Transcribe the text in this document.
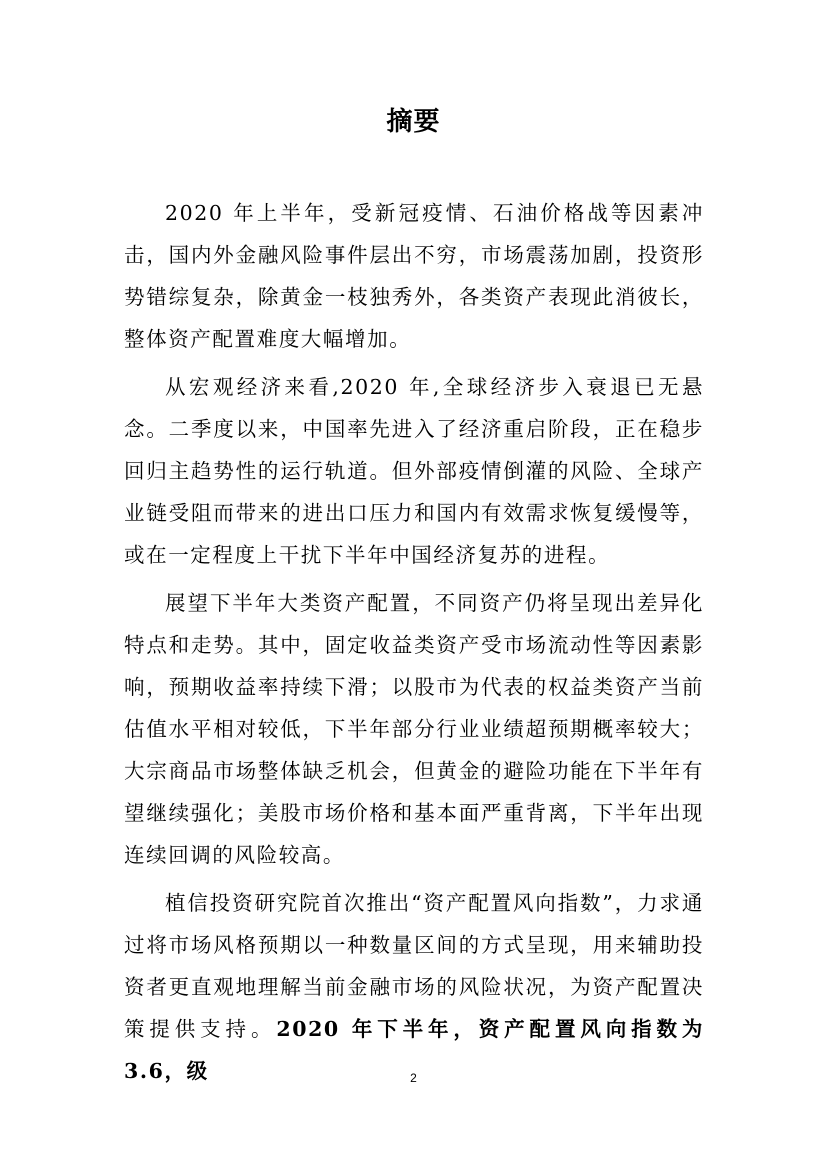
摘要

2020 年上半年，受新冠疫情、石油价格战等因素冲击，国内外金融风险事件层出不穷，市场震荡加剧，投资形势错综复杂，除黄金一枝独秀外，各类资产表现此消彼长，整体资产配置难度大幅增加。

从宏观经济来看,2020 年,全球经济步入衰退已无悬念。二季度以来，中国率先进入了经济重启阶段，正在稳步回归主趋势性的运行轨道。但外部疫情倒灌的风险、全球产业链受阻而带来的进出口压力和国内有效需求恢复缓慢等，或在一定程度上干扰下半年中国经济复苏的进程。

展望下半年大类资产配置，不同资产仍将呈现出差异化特点和走势。其中，固定收益类资产受市场流动性等因素影响，预期收益率持续下滑；以股市为代表的权益类资产当前估值水平相对较低，下半年部分行业业绩超预期概率较大；大宗商品市场整体缺乏机会，但黄金的避险功能在下半年有望继续强化；美股市场价格和基本面严重背离，下半年出现连续回调的风险较高。

植信投资研究院首次推出“资产配置风向指数”，力求通过将市场风格预期以一种数量区间的方式呈现，用来辅助投资者更直观地理解当前金融市场的风险状况，为资产配置决策提供支持。2020 年下半年，资产配置风向指数为 3.6，级	2
